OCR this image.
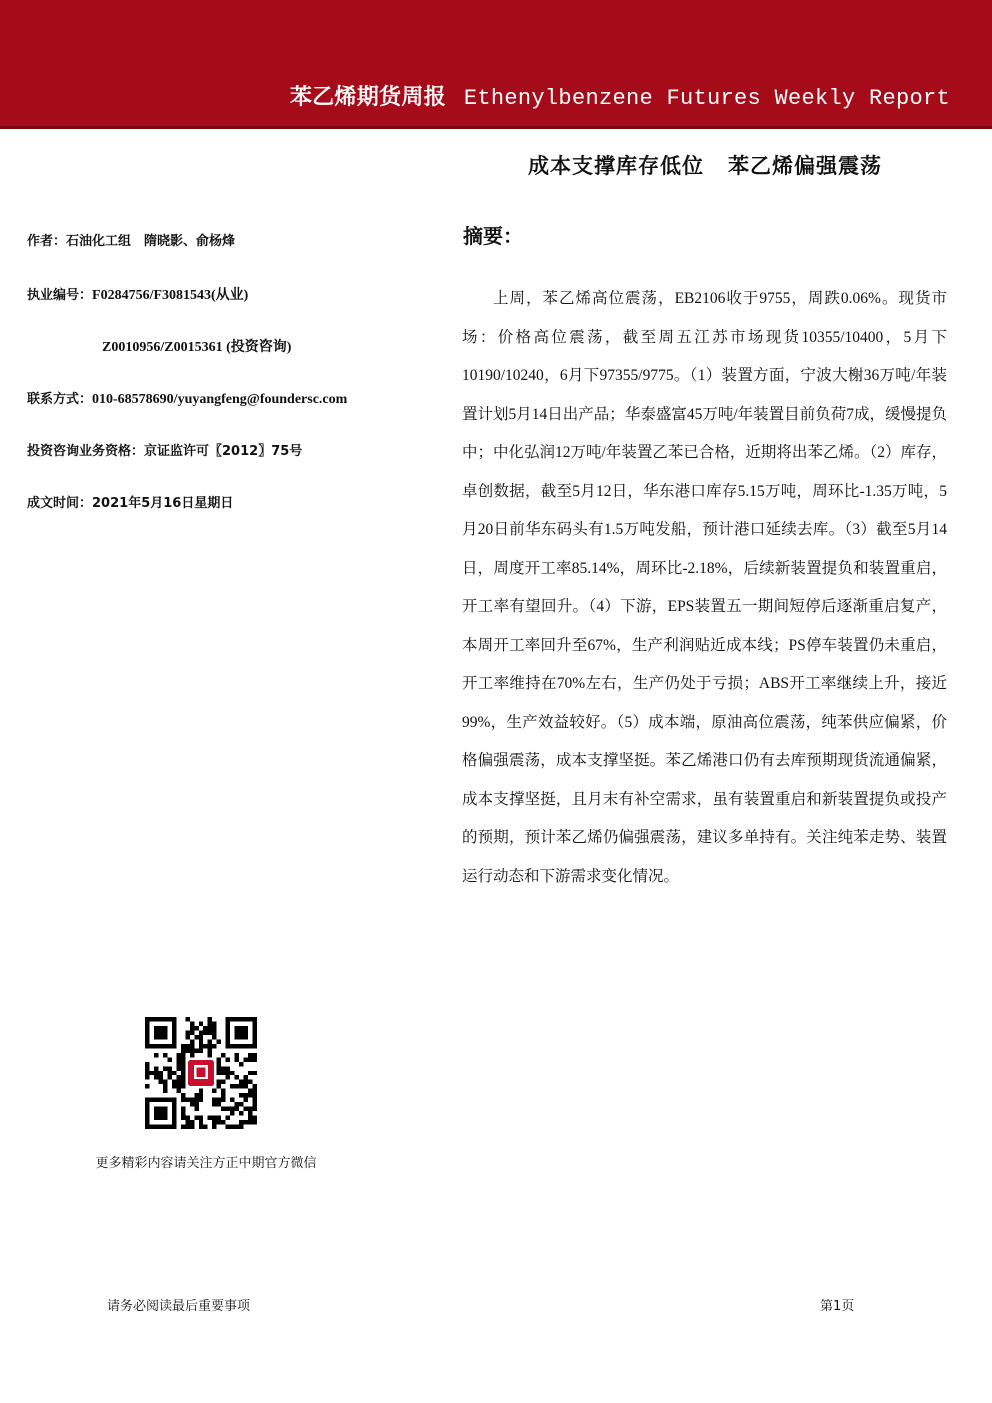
苯乙烯期货周报 Ethenylbenzene Futures Weekly Report
成本支撑库存低位 苯乙烯偏强震荡
作者：石油化工组　隋晓影、俞杨烽
执业编号：F0284756/F3081543(从业)
Z0010956/Z0015361 (投资咨询)
联系方式：010-68578690/yuyangfeng@foundersc.com
投资咨询业务资格：京证监许可〖2012〗75号
成文时间：2021年5月16日星期日
摘要：

上周，苯乙烯高位震荡，EB2106收于9755，周跌0.06%。现货市场：价格高位震荡，截至周五江苏市场现货10355/10400，5月下10190/10240，6月下97355/9775。（1）装置方面，宁波大榭36万吨/年装置计划5月14日出产品；华泰盛富45万吨/年装置目前负荷7成，缓慢提负中；中化弘润12万吨/年装置乙苯已合格，近期将出苯乙烯。（2）库存，卓创数据，截至5月12日，华东港口库存5.15万吨，周环比-1.35万吨，5月20日前华东码头有1.5万吨发船，预计港口延续去库。（3）截至5月14日，周度开工率85.14%，周环比-2.18%，后续新装置提负和装置重启，开工率有望回升。（4）下游，EPS装置五一期间短停后逐渐重启复产，本周开工率回升至67%，生产利润贴近成本线；PS停车装置仍未重启，开工率维持在70%左右，生产仍处于亏损；ABS开工率继续上升，接近99%，生产效益较好。（5）成本端，原油高位震荡，纯苯供应偏紧，价格偏强震荡，成本支撑坚挺。苯乙烯港口仍有去库预期现货流通偏紧，成本支撑坚挺，且月末有补空需求，虽有装置重启和新装置提负或投产的预期，预计苯乙烯仍偏强震荡，建议多单持有。关注纯苯走势、装置运行动态和下游需求变化情况。

更多精彩内容请关注方正中期官方微信
请务必阅读最后重要事项	第1页
